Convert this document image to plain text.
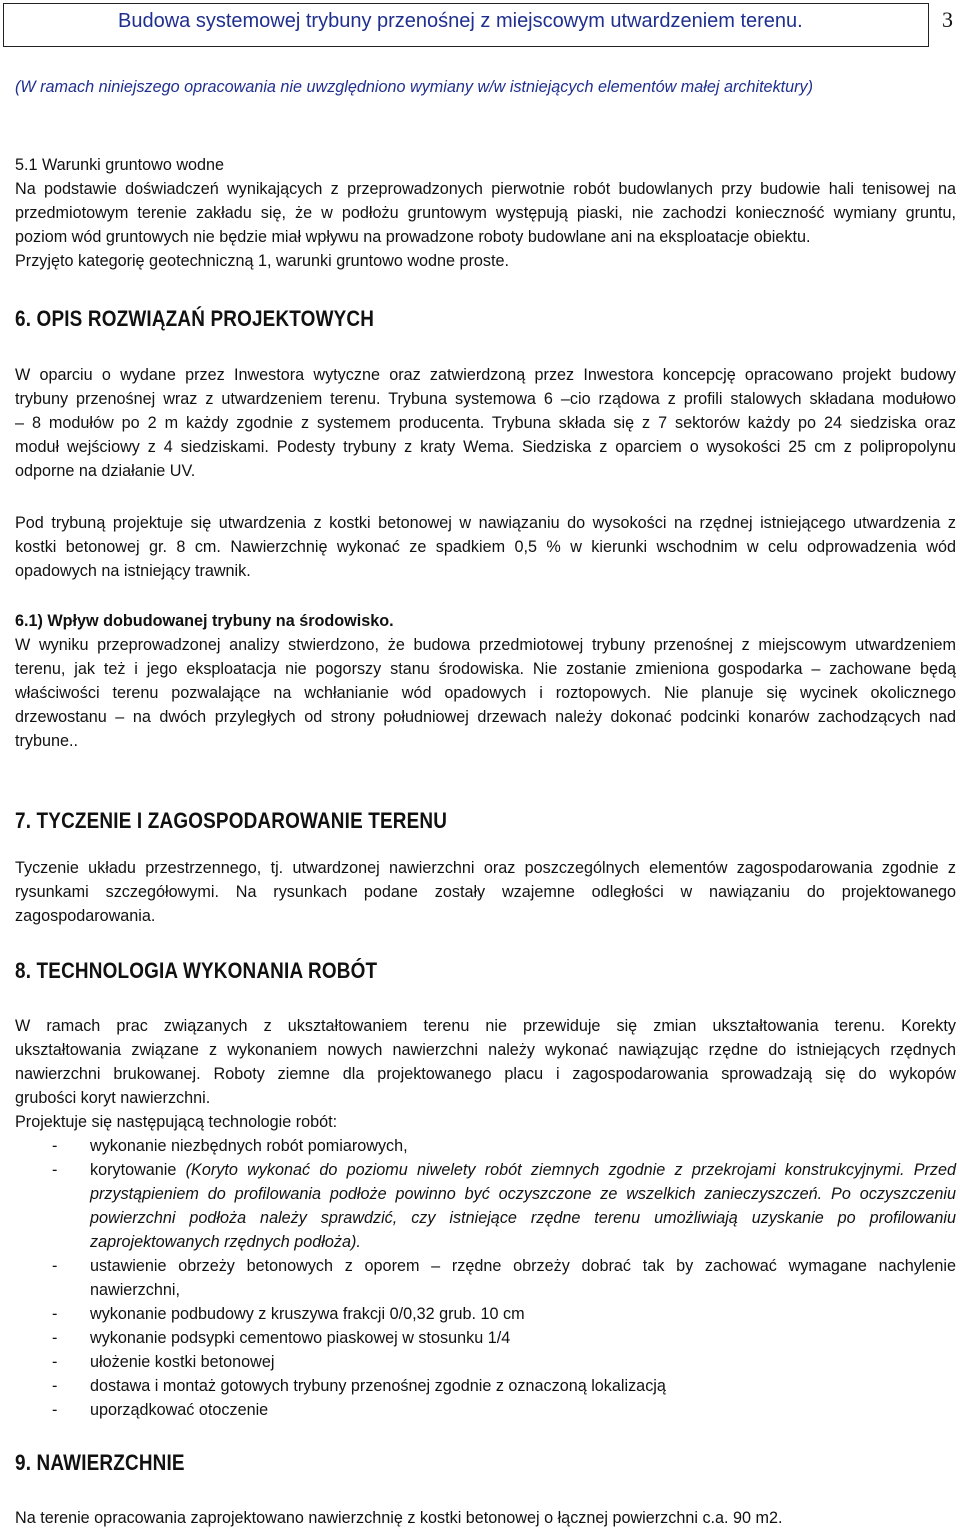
Budowa systemowej trybuny przenośnej z miejscowym utwardzeniem terenu.	3
(W ramach niniejszego opracowania nie uwzględniono wymiany w/w istniejących elementów małej architektury)
5.1 Warunki gruntowo wodne
Na podstawie doświadczeń wynikających z przeprowadzonych pierwotnie robót budowlanych przy budowie hali tenisowej na
przedmiotowym terenie zakładu się, że w podłożu gruntowym występują piaski, nie zachodzi konieczność wymiany gruntu,
poziom wód gruntowych nie będzie miał wpływu na prowadzone roboty budowlane ani na eksploatacje obiektu.
Przyjęto kategorię geotechniczną 1, warunki gruntowo wodne proste.
6. OPIS ROZWIĄZAŃ PROJEKTOWYCH
W oparciu o wydane przez Inwestora wytyczne oraz zatwierdzoną przez Inwestora koncepcję opracowano projekt budowy
trybuny przenośnej wraz z utwardzeniem terenu. Trybuna systemowa 6 –cio rządowa z profili stalowych składana modułowo
– 8 modułów po 2 m każdy zgodnie z systemem producenta. Trybuna składa się z 7 sektorów każdy po 24 siedziska oraz
moduł wejściowy z 4 siedziskami. Podesty trybuny z kraty Wema. Siedziska z oparciem o wysokości 25 cm z polipropolynu
odporne na działanie UV.
Pod trybuną projektuje się utwardzenia z kostki betonowej w nawiązaniu do wysokości na rzędnej istniejącego utwardzenia z
kostki betonowej gr. 8 cm. Nawierzchnię wykonać ze spadkiem 0,5 % w kierunki wschodnim w celu odprowadzenia wód
opadowych na istniejący trawnik.
6.1) Wpływ dobudowanej trybuny na środowisko.
W wyniku przeprowadzonej analizy stwierdzono, że budowa przedmiotowej trybuny przenośnej z miejscowym utwardzeniem
terenu, jak też i jego eksploatacja nie pogorszy stanu środowiska. Nie zostanie zmieniona gospodarka – zachowane będą
właściwości terenu pozwalające na wchłanianie wód opadowych i roztopowych. Nie planuje się wycinek okolicznego
drzewostanu – na dwóch przyległych od strony południowej drzewach należy dokonać podcinki konarów zachodzących nad
trybune..
7. TYCZENIE I ZAGOSPODAROWANIE TERENU
Tyczenie układu przestrzennego, tj. utwardzonej nawierzchni oraz poszczególnych elementów zagospodarowania zgodnie z
rysunkami szczegółowymi. Na rysunkach podane zostały wzajemne odległości w nawiązaniu do projektowanego
zagospodarowania.
8. TECHNOLOGIA WYKONANIA ROBÓT
W ramach prac związanych z ukształtowaniem terenu nie przewiduje się zmian ukształtowania terenu. Korekty
ukształtowania związane z wykonaniem nowych nawierzchni należy wykonać nawiązując rzędne do istniejących rzędnych
nawierzchni brukowanej. Roboty ziemne dla projektowanego placu i zagospodarowania sprowadzają się do wykopów
grubości koryt nawierzchni.
Projektuje się następującą technologie robót:
- wykonanie niezbędnych robót pomiarowych,
- korytowanie (Koryto wykonać do poziomu niwelety robót ziemnych zgodnie z przekrojami konstrukcyjnymi. Przed
przystąpieniem do profilowania podłoże powinno być oczyszczone ze wszelkich zanieczyszczeń. Po oczyszczeniu
powierzchni podłoża należy sprawdzić, czy istniejące rzędne terenu umożliwiają uzyskanie po profilowaniu
zaprojektowanych rzędnych podłoża).
- ustawienie obrzeży betonowych z oporem – rzędne obrzeży dobrać tak by zachować wymagane nachylenie
nawierzchni,
- wykonanie podbudowy z kruszywa frakcji 0/0,32 grub. 10 cm
- wykonanie podsypki cementowo piaskowej w stosunku 1/4
- ułożenie kostki betonowej
- dostawa i montaż gotowych trybuny przenośnej zgodnie z oznaczoną lokalizacją
- uporządkować otoczenie
9. NAWIERZCHNIE
Na terenie opracowania zaprojektowano nawierzchnię z kostki betonowej o łącznej powierzchni c.a. 90 m2.
